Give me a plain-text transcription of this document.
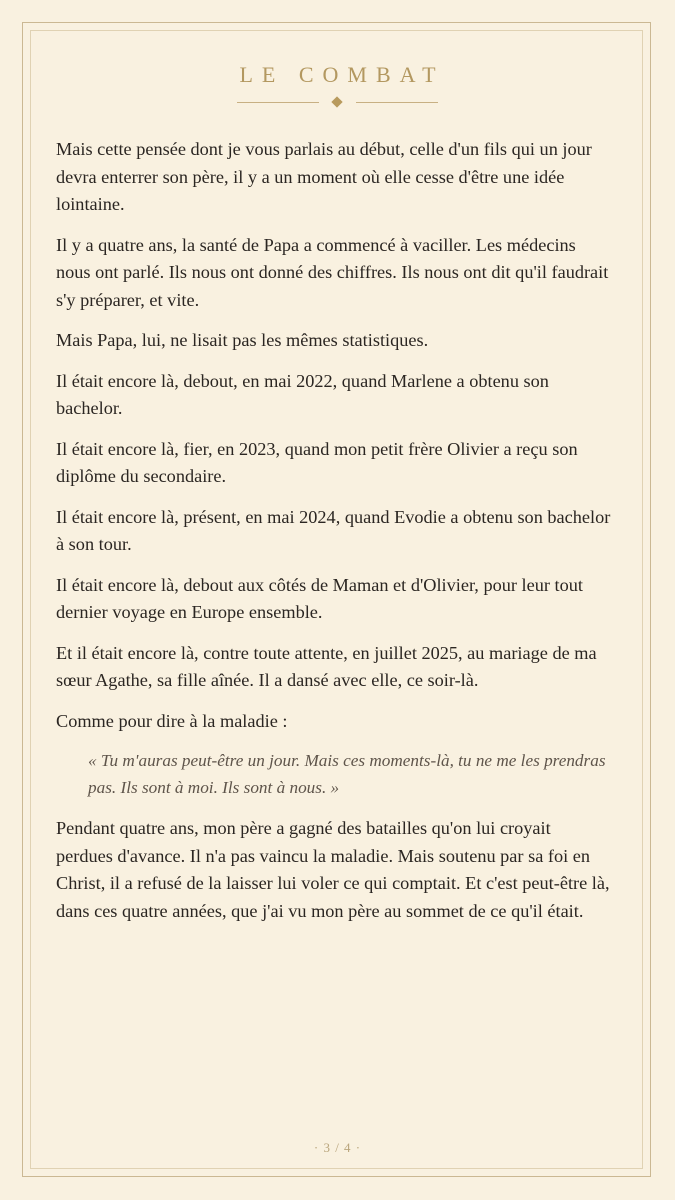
LE COMBAT

Mais cette pensée dont je vous parlais au début, celle d'un fils qui un jour devra enterrer son père, il y a un moment où elle cesse d'être une idée lointaine.

Il y a quatre ans, la santé de Papa a commencé à vaciller. Les médecins nous ont parlé. Ils nous ont donné des chiffres. Ils nous ont dit qu'il faudrait s'y préparer, et vite.

Mais Papa, lui, ne lisait pas les mêmes statistiques.

Il était encore là, debout, en mai 2022, quand Marlene a obtenu son bachelor.

Il était encore là, fier, en 2023, quand mon petit frère Olivier a reçu son diplôme du secondaire.

Il était encore là, présent, en mai 2024, quand Evodie a obtenu son bachelor à son tour.

Il était encore là, debout aux côtés de Maman et d'Olivier, pour leur tout dernier voyage en Europe ensemble.

Et il était encore là, contre toute attente, en juillet 2025, au mariage de ma sœur Agathe, sa fille aînée. Il a dansé avec elle, ce soir-là.

Comme pour dire à la maladie :

« Tu m'auras peut-être un jour. Mais ces moments-là, tu ne me les prendras pas. Ils sont à moi. Ils sont à nous. »

Pendant quatre ans, mon père a gagné des batailles qu'on lui croyait perdues d'avance. Il n'a pas vaincu la maladie. Mais soutenu par sa foi en Christ, il a refusé de la laisser lui voler ce qui comptait. Et c'est peut-être là, dans ces quatre années, que j'ai vu mon père au sommet de ce qu'il était.

· 3 / 4 ·
